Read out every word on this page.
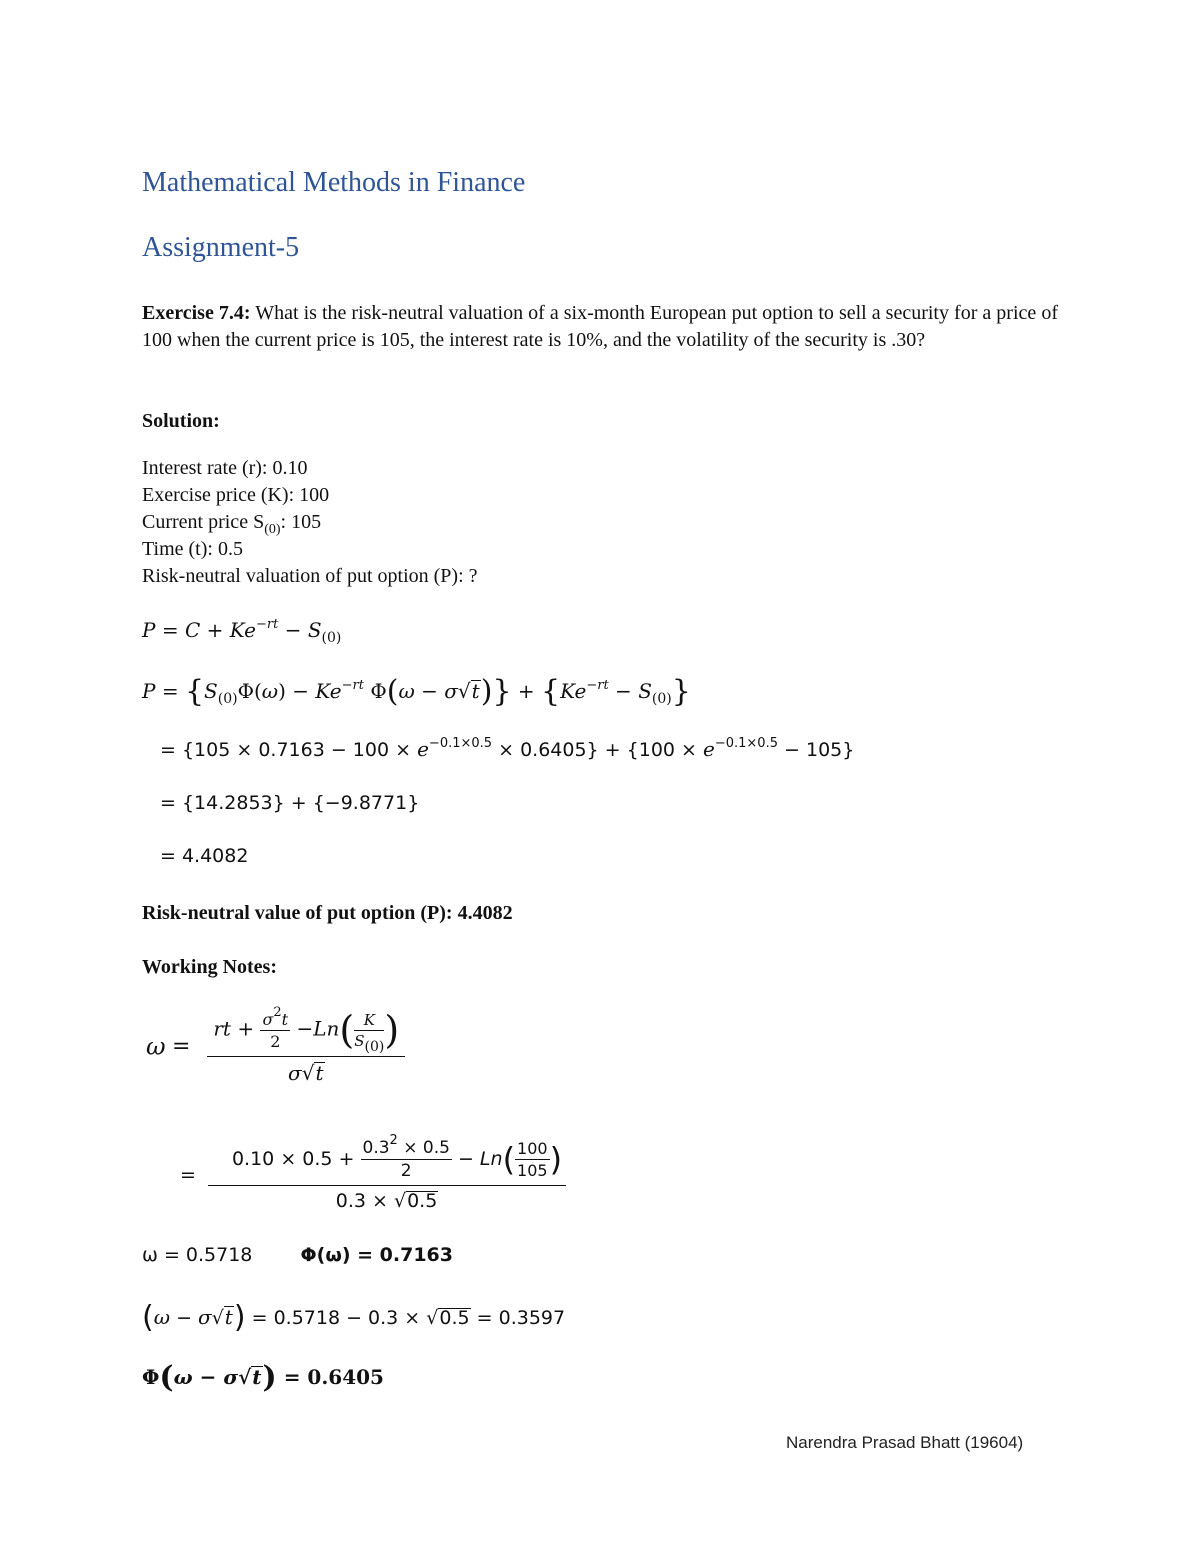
Mathematical Methods in Finance
Assignment-5
Exercise 7.4: What is the risk-neutral valuation of a six-month European put option to sell a security for a price of 100 when the current price is 105, the interest rate is 10%, and the volatility of the security is .30?
Solution:
Interest rate (r): 0.10
Exercise price (K): 100
Current price $S_{(0)}$: 105
Time (t): 0.5
Risk-neutral valuation of put option (P): ?
$P = C + Ke^{-rt} - S_{(0)}$
$P = \{S_{(0)}\Phi(\omega) - Ke^{-rt}$ $\Phi(\omega - \sigma√t)\} + \{Ke^{-rt} - S_{(0)}\}$
= $\{105 \times 0.7163 - 100 \times e^{-0.1\times 0.5} \times 0.6405\} + \{100 \times e^{-0.1\times 0.5} - 105\}$
= {14.2853} + {−9.8771}
= 4.4082
Risk-neutral value of put option (P): 4.4082
Working Notes:
$\omega = \frac{rt + \frac{\sigma^2t}{2} -Ln( \frac{K}{S_{(0)}} )}{\sigma√t}$
= $\frac{0.10 \times 0.5 + \frac{0.3^2 \times 0.5}{2} - Ln( \frac{100}{105} )}{0.3 \times √0.5}$
ω = 0.5718	Φ(ω) = 0.7163
(ω − σ√t) = 0.5718 − 0.3 × √0.5 = 0.3597
Φ(ω − σ√t) = 0.6405
Narendra Prasad Bhatt (19604)
